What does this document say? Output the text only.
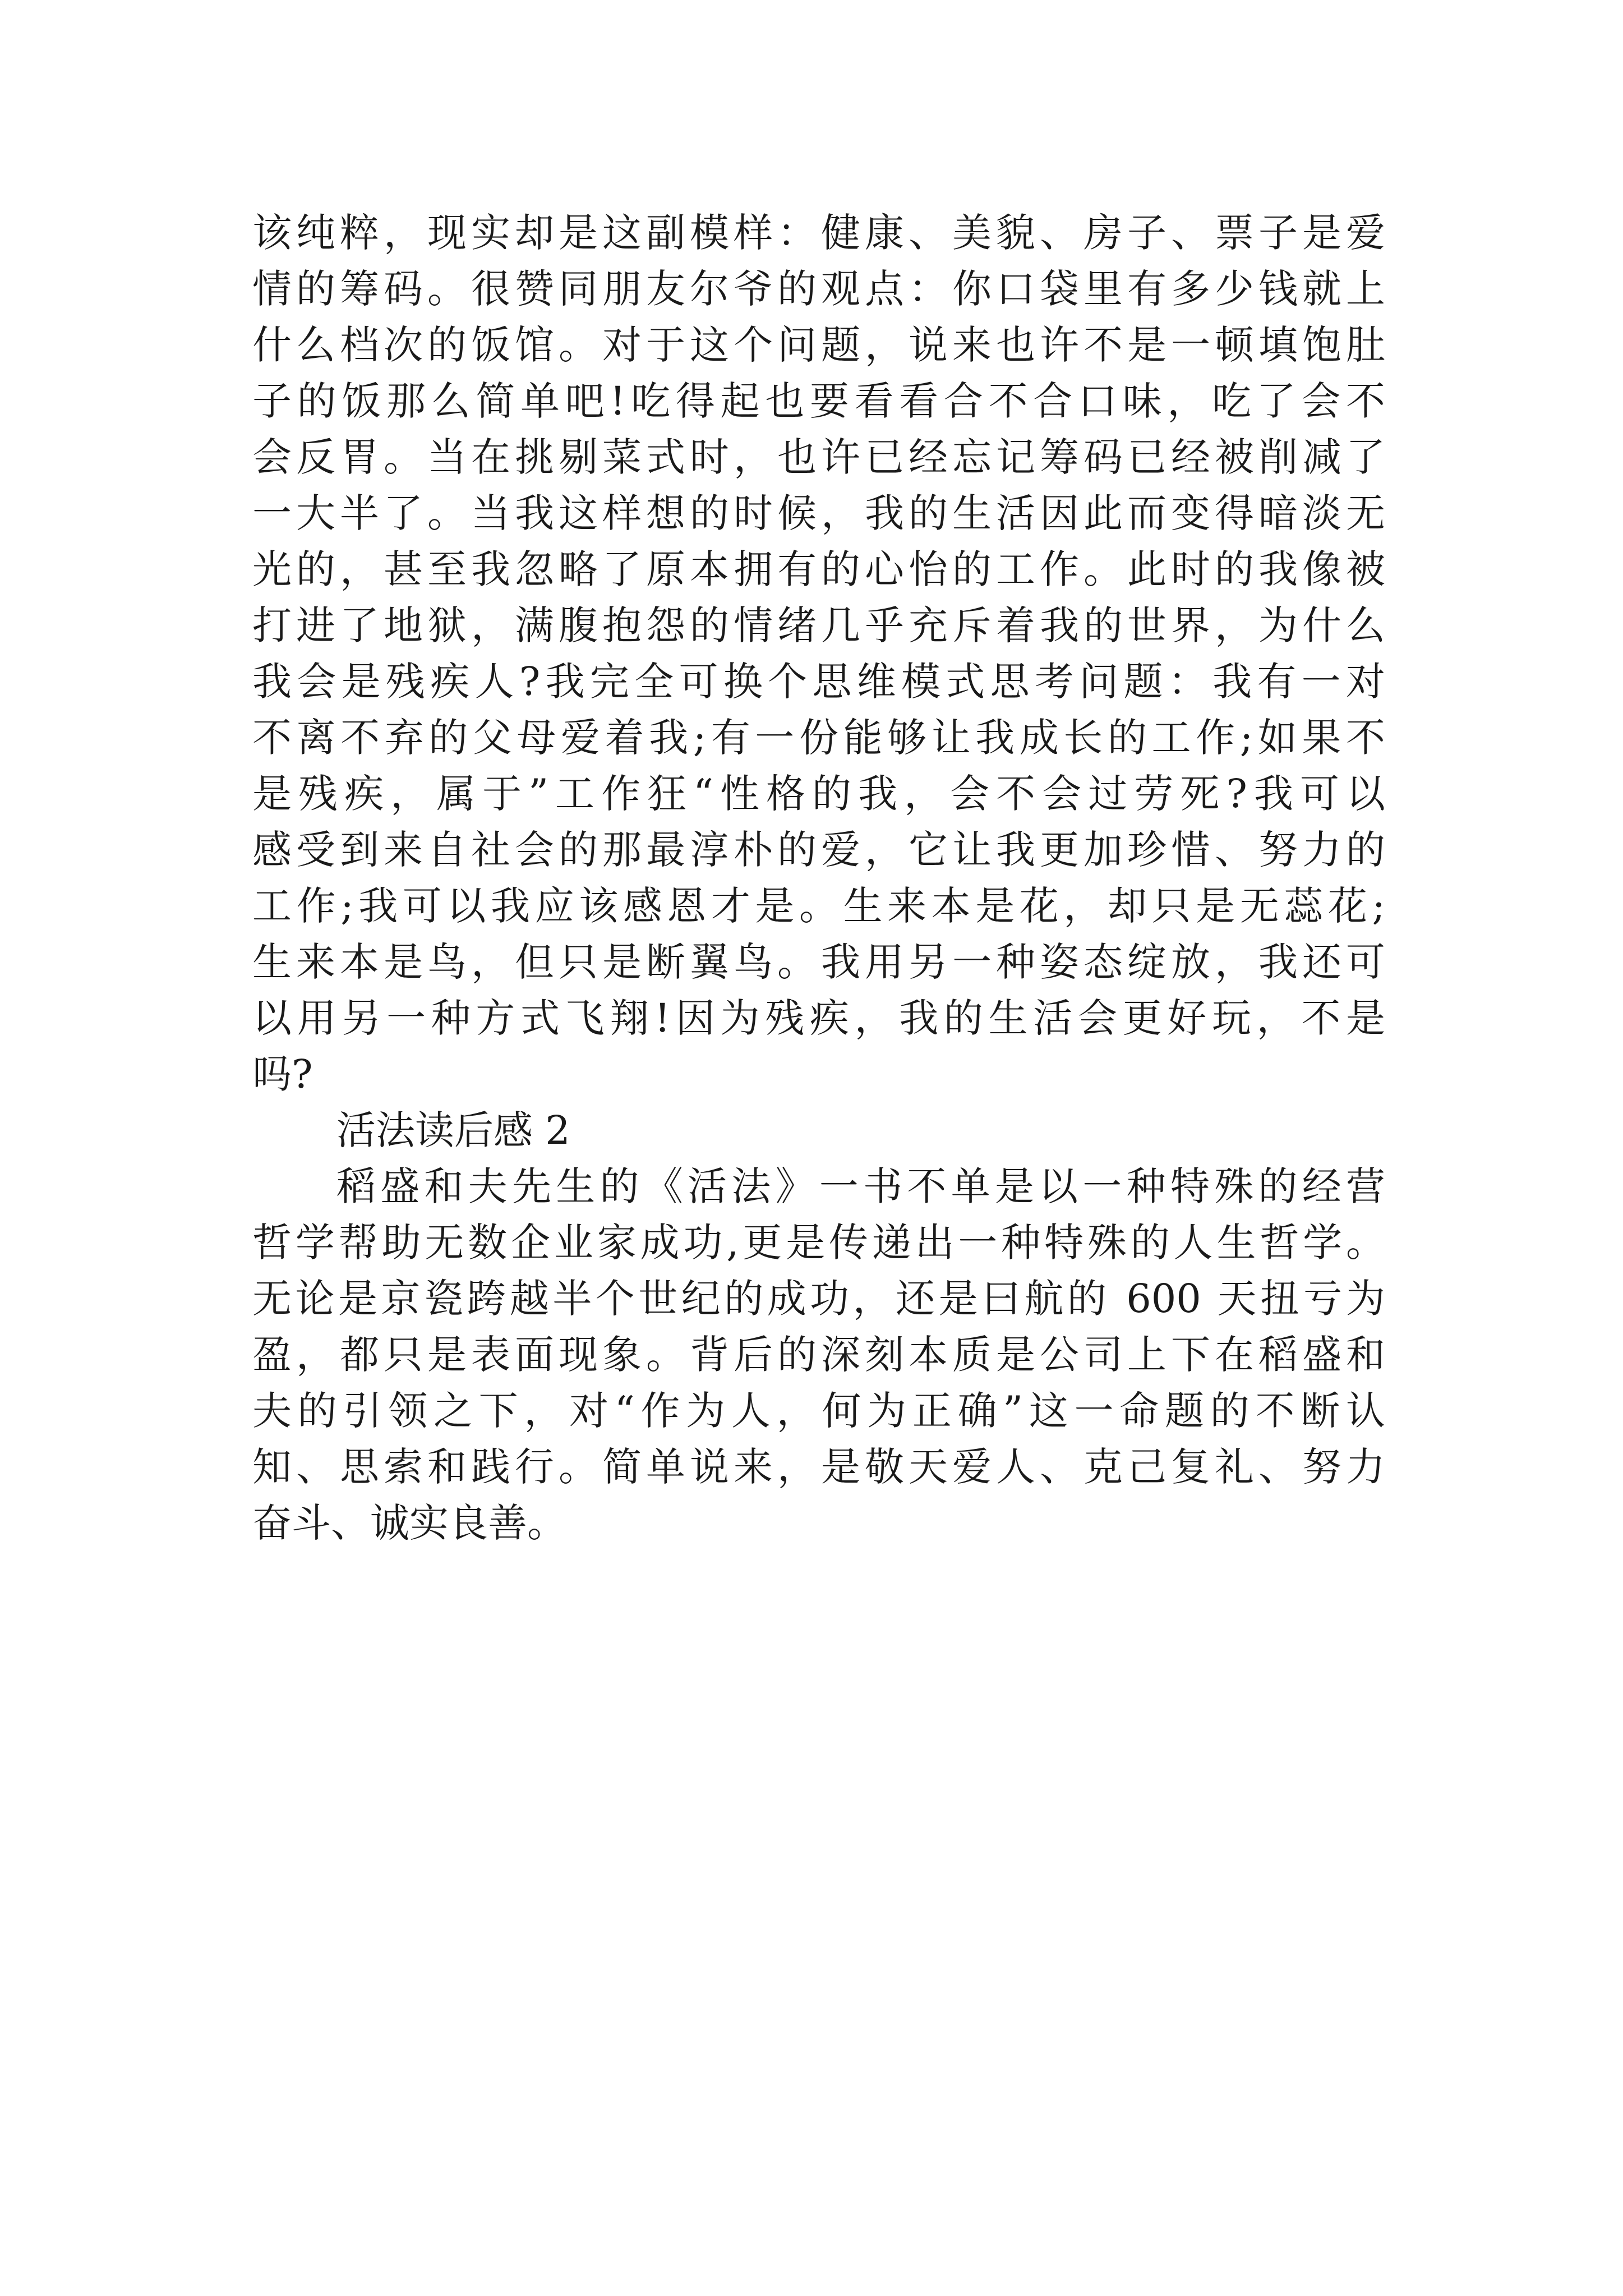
该纯粹，现实却是这副模样：健康、美貌、房子、票子是爱
情的筹码。很赞同朋友尔爷的观点：你口袋里有多少钱就上
什么档次的饭馆。对于这个问题，说来也许不是一顿填饱肚
子的饭那么简单吧!吃得起也要看看合不合口味，吃了会不
会反胃。当在挑剔菜式时，也许已经忘记筹码已经被削减了
一大半了。当我这样想的时候，我的生活因此而变得暗淡无
光的，甚至我忽略了原本拥有的心怡的工作。此时的我像被
打进了地狱，满腹抱怨的情绪几乎充斥着我的世界，为什么
我会是残疾人?我完全可换个思维模式思考问题：我有一对
不离不弃的父母爱着我;有一份能够让我成长的工作;如果不
是残疾，属于”工作狂“性格的我，会不会过劳死?我可以
感受到来自社会的那最淳朴的爱，它让我更加珍惜、努力的
工作;我可以我应该感恩才是。生来本是花，却只是无蕊花;
生来本是鸟，但只是断翼鸟。我用另一种姿态绽放，我还可
以用另一种方式飞翔!因为残疾，我的生活会更好玩，不是
吗?
活法读后感 2
稻盛和夫先生的《活法》一书不单是以一种特殊的经营
哲学帮助无数企业家成功,更是传递出一种特殊的人生哲学。
无论是京瓷跨越半个世纪的成功，还是曰航的 600 天扭亏为
盈，都只是表面现象。背后的深刻本质是公司上下在稻盛和
夫的引领之下，对“作为人，何为正确”这一命题的不断认
知、思索和践行。简单说来，是敬天爱人、克己复礼、努力
奋斗、诚实良善。
